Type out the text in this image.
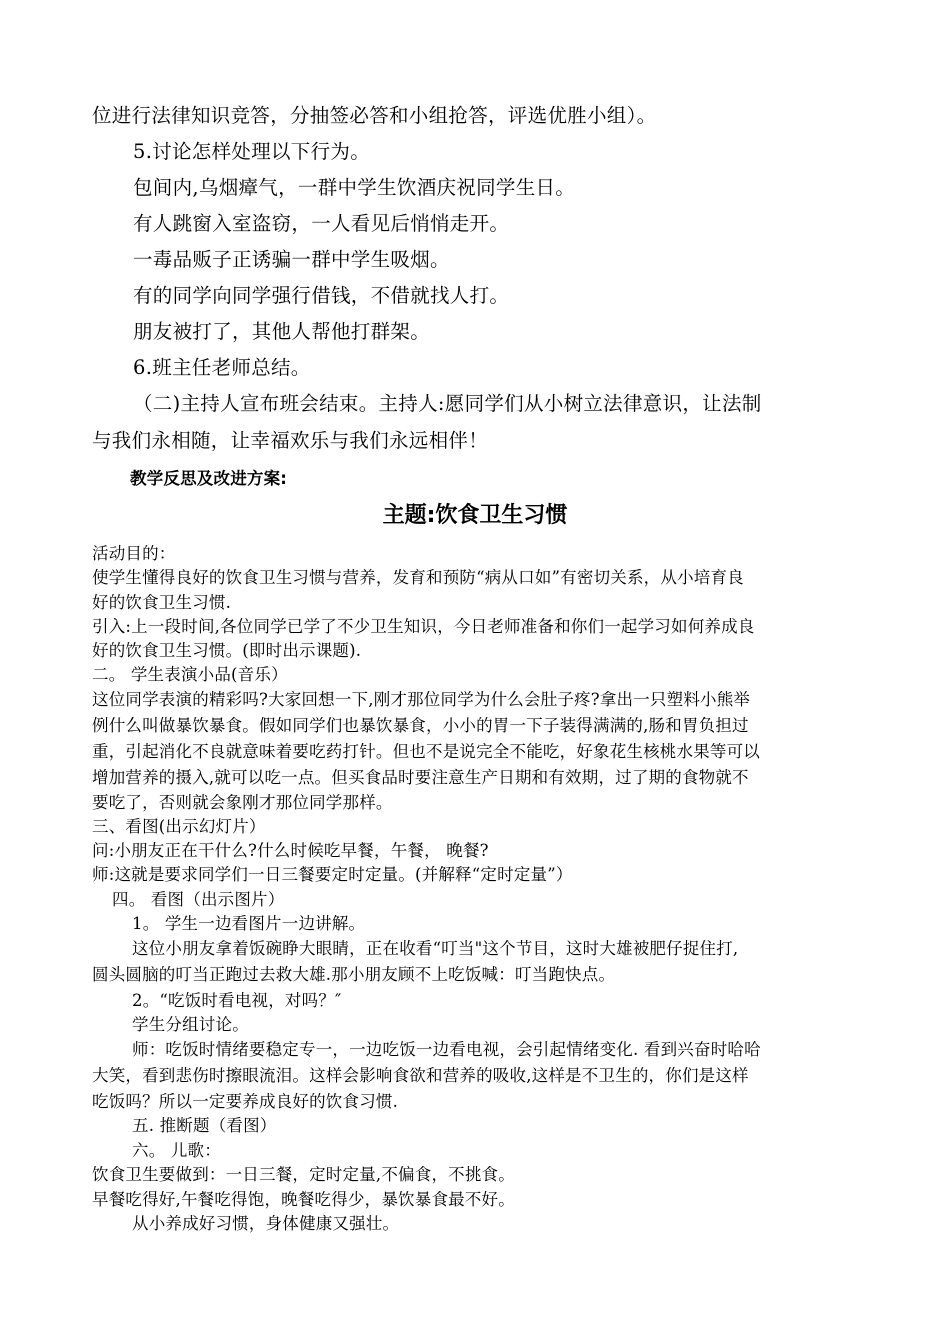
位进行法律知识竞答，分抽签必答和小组抢答，评选优胜小组）。
5.讨论怎样处理以下行为。
包间内,乌烟瘴气，一群中学生饮酒庆祝同学生日。
有人跳窗入室盗窃，一人看见后悄悄走开。
一毒品贩子正诱骗一群中学生吸烟。
有的同学向同学强行借钱，不借就找人打。
朋友被打了，其他人帮他打群架。
6.班主任老师总结。
（二)主持人宣布班会结束。主持人:愿同学们从小树立法律意识，让法制
与我们永相随，让幸福欢乐与我们永远相伴！
教学反思及改进方案:
主题:饮食卫生习惯
活动目的：
使学生懂得良好的饮食卫生习惯与营养，发育和预防“病从口如”有密切关系，从小培育良
好的饮食卫生习惯.
引入:上一段时间,各位同学已学了不少卫生知识，今日老师准备和你们一起学习如何养成良
好的饮食卫生习惯。(即时出示课题).
二。 学生表演小品(音乐）
这位同学表演的精彩吗?大家回想一下,刚才那位同学为什么会肚子疼?拿出一只塑料小熊举
例什么叫做暴饮暴食。假如同学们也暴饮暴食，小小的胃一下子装得满满的,肠和胃负担过
重，引起消化不良就意味着要吃药打针。但也不是说完全不能吃，好象花生核桃水果等可以
增加营养的摄入,就可以吃一点。但买食品时要注意生产日期和有效期，过了期的食物就不
要吃了，否则就会象刚才那位同学那样。
三、看图(出示幻灯片）
问:小朋友正在干什么?什么时候吃早餐，午餐， 晚餐?
师:这就是要求同学们一日三餐要定时定量。(并解释“定时定量”）
四。 看图（出示图片）
1。 学生一边看图片一边讲解。
这位小朋友拿着饭碗睁大眼睛，正在收看“叮当"这个节目，这时大雄被肥仔捉住打,
圆头圆脑的叮当正跑过去救大雄.那小朋友顾不上吃饭喊：叮当跑快点。
2。“吃饭时看电视，对吗？″
学生分组讨论。
师：吃饭时情绪要稳定专一，一边吃饭一边看电视，会引起情绪变化. 看到兴奋时哈哈
大笑，看到悲伤时擦眼流泪。这样会影响食欲和营养的吸收,这样是不卫生的，你们是这样
吃饭吗？所以一定要养成良好的饮食习惯.
五. 推断题（看图）
六。 儿歌：
饮食卫生要做到：一日三餐，定时定量,不偏食，不挑食。
早餐吃得好,午餐吃得饱，晚餐吃得少，暴饮暴食最不好。
从小养成好习惯，身体健康又强壮。
